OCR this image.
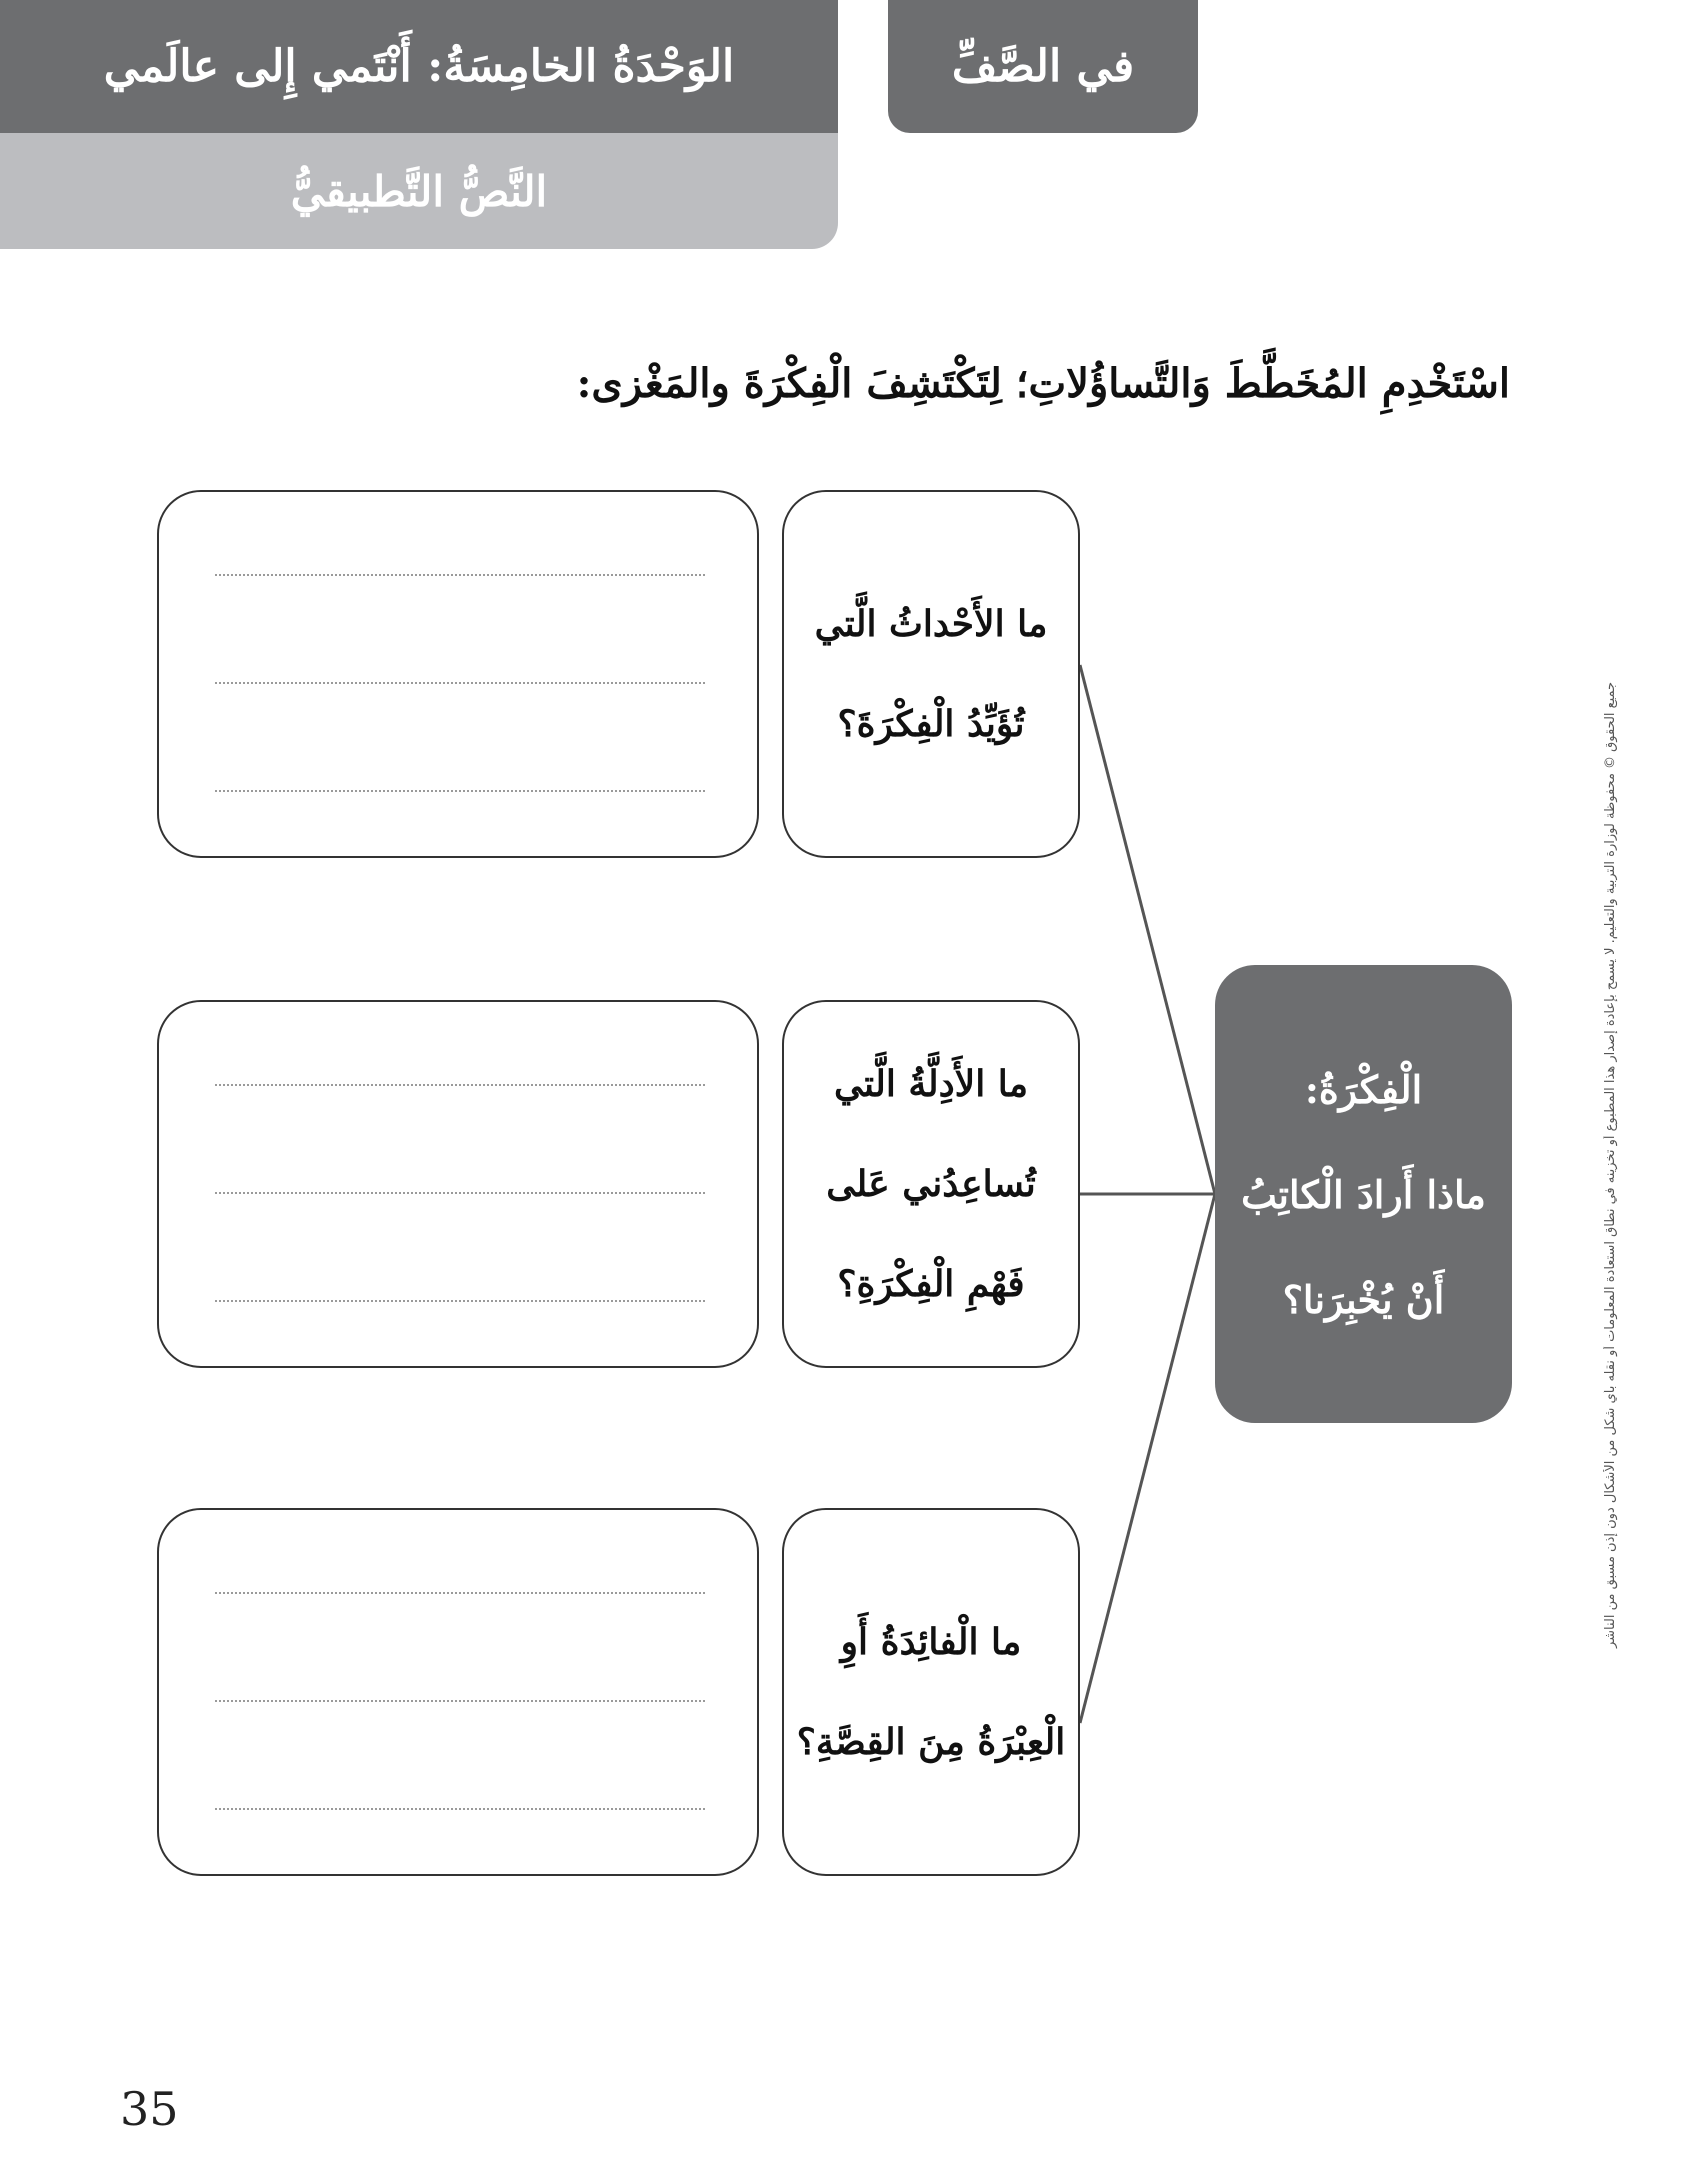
الوَحْدَةُ الخامِسَةُ: أَنْتَمي إِلى عالَمي
النَّصُّ التَّطبيقيُّ
في الصَّفِّ
اسْتَخْدِمِ المُخَطَّطَ وَالتَّساؤُلاتِ؛ لِتَكْتَشِفَ الْفِكْرَةَ والمَغْزى:
ما الأَحْداثُ الَّتي تُؤَيِّدُ الْفِكْرَةَ؟
ما الأَدِلَّةُ الَّتي تُساعِدُني عَلى فَهْمِ الْفِكْرَةِ؟
ما الْفائِدَةُ أَوِ الْعِبْرَةُ مِنَ القِصَّةِ؟
الْفِكْرَةُ:
ماذا أَرادَ الْكاتِبُ أَنْ يُخْبِرَنا؟	جميع الحقوق © محفوظة لوزارة التربية والتعليم. لا يسمح بإعادة إصدار هذا المطبوع أو تخزينه في نطاق استعادة المعلومات أو نقله بأي شكل من الأشكال دون إذن مسبق من الناشر
35
